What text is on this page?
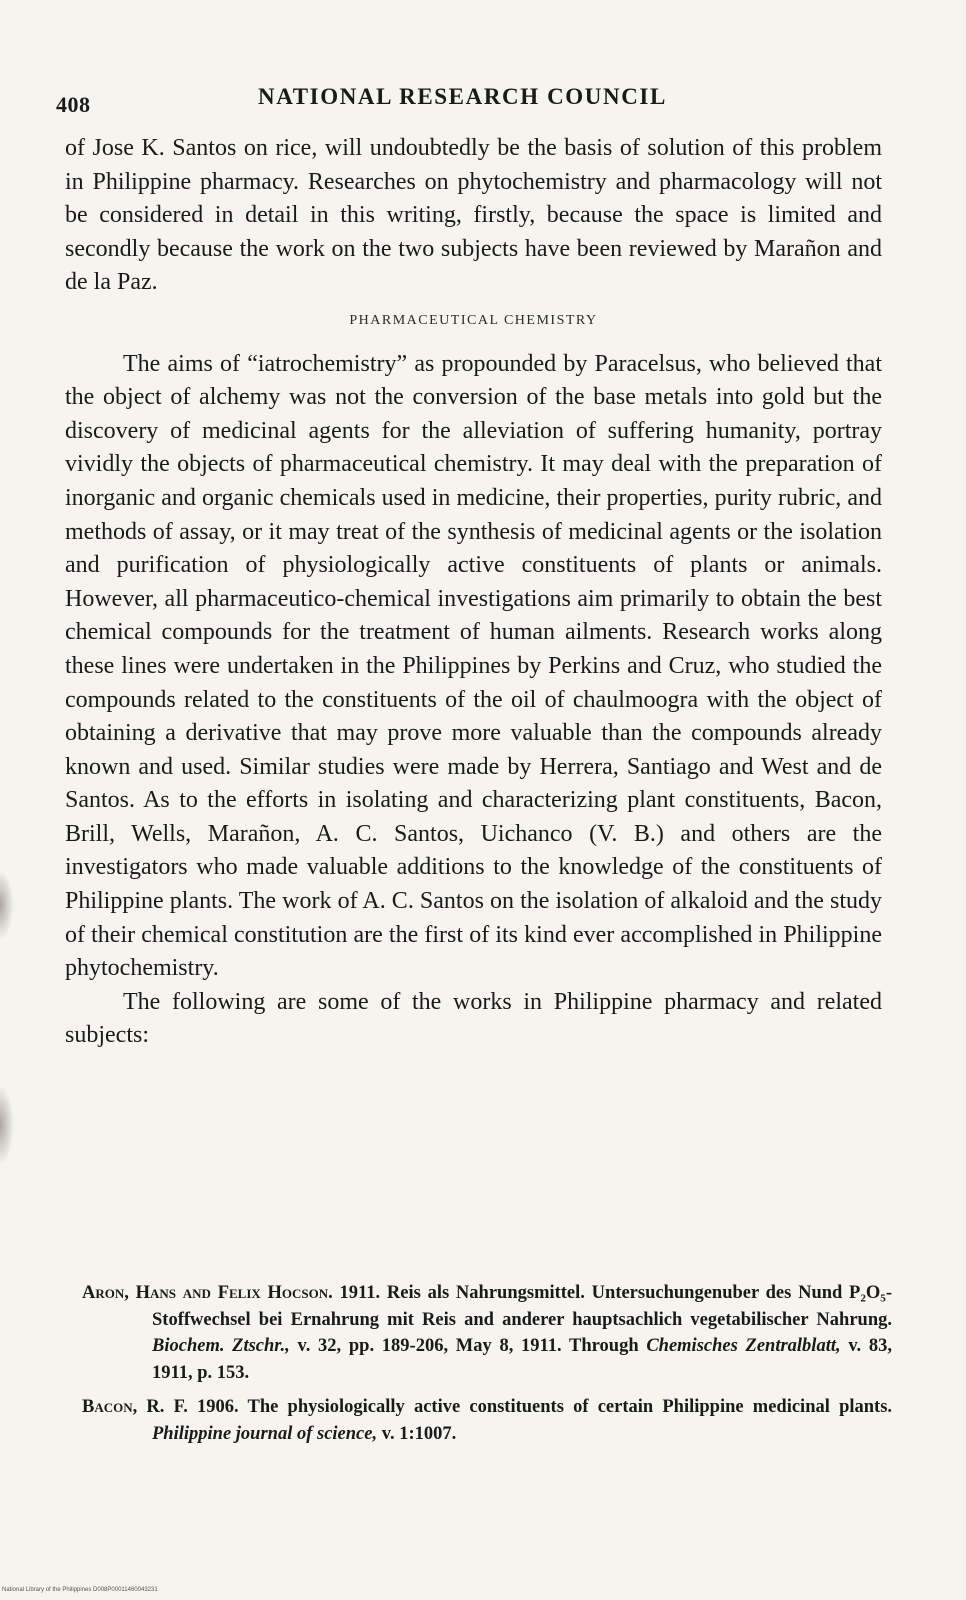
408	NATIONAL RESEARCH COUNCIL

of Jose K. Santos on rice, will undoubtedly be the basis of solution of this problem in Philippine pharmacy. Researches on phytochemistry and pharmacology will not be considered in detail in this writing, firstly, because the space is limited and secondly because the work on the two subjects have been reviewed by Marañon and de la Paz.

PHARMACEUTICAL CHEMISTRY

The aims of “iatrochemistry” as propounded by Paracelsus, who believed that the object of alchemy was not the conversion of the base metals into gold but the discovery of medicinal agents for the alleviation of suffering humanity, portray vividly the objects of pharmaceutical chemistry. It may deal with the preparation of inorganic and organic chemicals used in medicine, their properties, purity rubric, and methods of assay, or it may treat of the synthesis of medicinal agents or the isolation and purification of physiologically active constituents of plants or animals. However, all pharmaceutico-chemical investigations aim primarily to obtain the best chemical compounds for the treatment of human ailments. Research works along these lines were undertaken in the Philippines by Perkins and Cruz, who studied the compounds related to the constituents of the oil of chaulmoogra with the object of obtaining a derivative that may prove more valuable than the compounds already known and used. Similar studies were made by Herrera, Santiago and West and de Santos. As to the efforts in isolating and characterizing plant constituents, Bacon, Brill, Wells, Marañon, A. C. Santos, Uichanco (V. B.) and others are the investigators who made valuable additions to the knowledge of the constituents of Philippine plants. The work of A. C. Santos on the isolation of alkaloid and the study of their chemical constitution are the first of its kind ever accomplished in Philippine phytochemistry.

The following are some of the works in Philippine pharmacy and related subjects:

Aron, Hans and Felix Hocson. 1911. Reis als Nahrungsmittel. Untersuchungenuber des Nund P₂O₅-Stoffwechsel bei Ernahrung mit Reis and anderer hauptsachlich vegetabilischer Nahrung. Biochem. Ztschr., v. 32, pp. 189-206, May 8, 1911. Through Chemisches Zentralblatt, v. 83, 1911, p. 153.

Bacon, R. F. 1906. The physiologically active constituents of certain Philippine medicinal plants. Philippine journal of science, v. 1:1007.

National Library of the Philippines D008P00011460043231
